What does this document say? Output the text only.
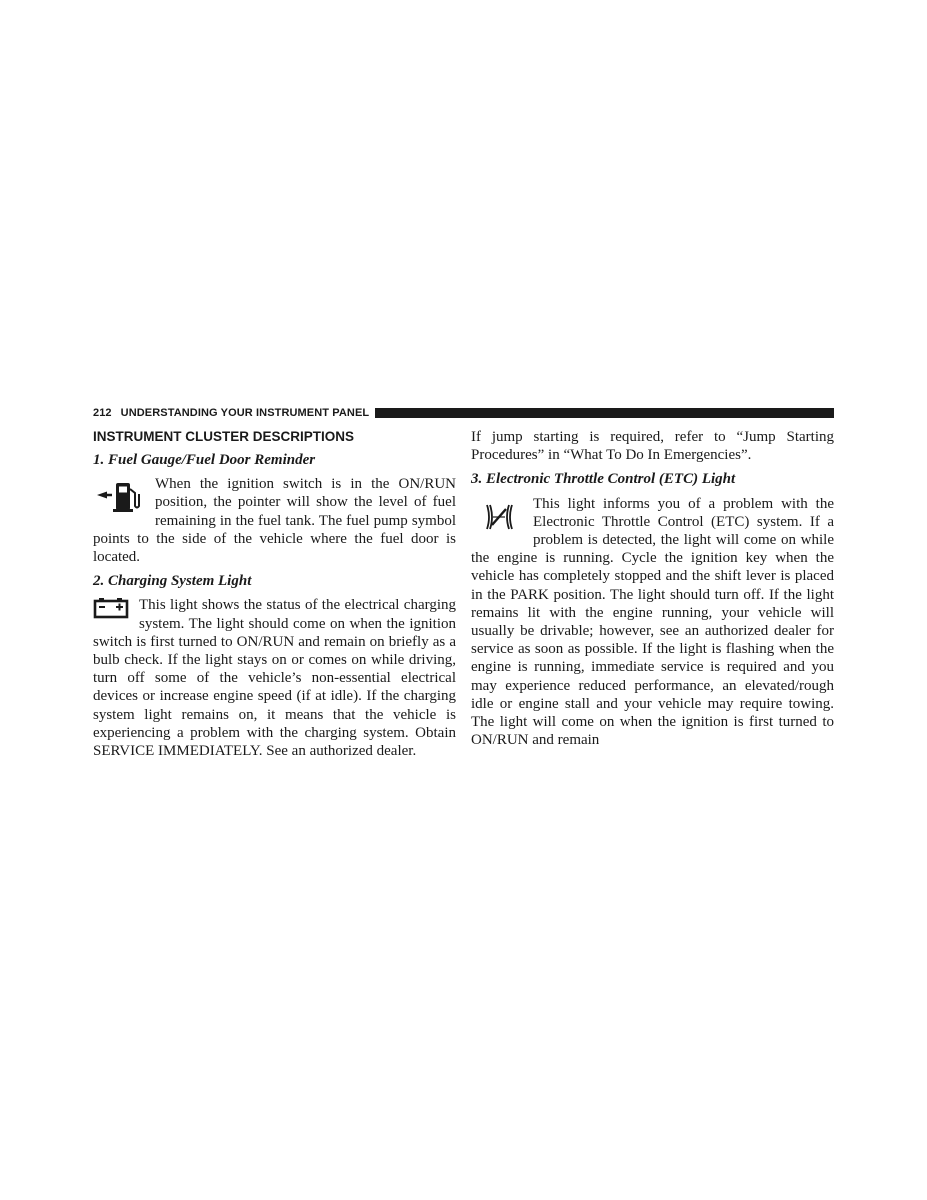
212 UNDERSTANDING YOUR INSTRUMENT PANEL
INSTRUMENT CLUSTER DESCRIPTIONS
1. Fuel Gauge/Fuel Door Reminder

When the ignition switch is in the ON/RUN position, the pointer will show the level of fuel remaining in the fuel tank. The fuel pump symbol points to the side of the vehicle where the fuel door is located.

2. Charging System Light

This light shows the status of the electrical charging system. The light should come on when the ignition switch is first turned to ON/RUN and remain on briefly as a bulb check. If the light stays on or comes on while driving, turn off some of the vehicle’s non-essential electrical devices or increase engine speed (if at idle). If the charging system light remains on, it means that the vehicle is experiencing a problem with the charging system. Obtain SERVICE IMMEDIATELY. See an authorized dealer.

If jump starting is required, refer to “Jump Starting Procedures” in “What To Do In Emergencies”.

3. Electronic Throttle Control (ETC) Light

This light informs you of a problem with the Electronic Throttle Control (ETC) system. If a problem is detected, the light will come on while the engine is running. Cycle the ignition key when the vehicle has completely stopped and the shift lever is placed in the PARK position. The light should turn off. If the light remains lit with the engine running, your vehicle will usually be drivable; however, see an authorized dealer for service as soon as possible. If the light is flashing when the engine is running, immediate service is required and you may experience reduced performance, an elevated/rough idle or engine stall and your vehicle may require towing. The light will come on when the ignition is first turned to ON/RUN and remain
